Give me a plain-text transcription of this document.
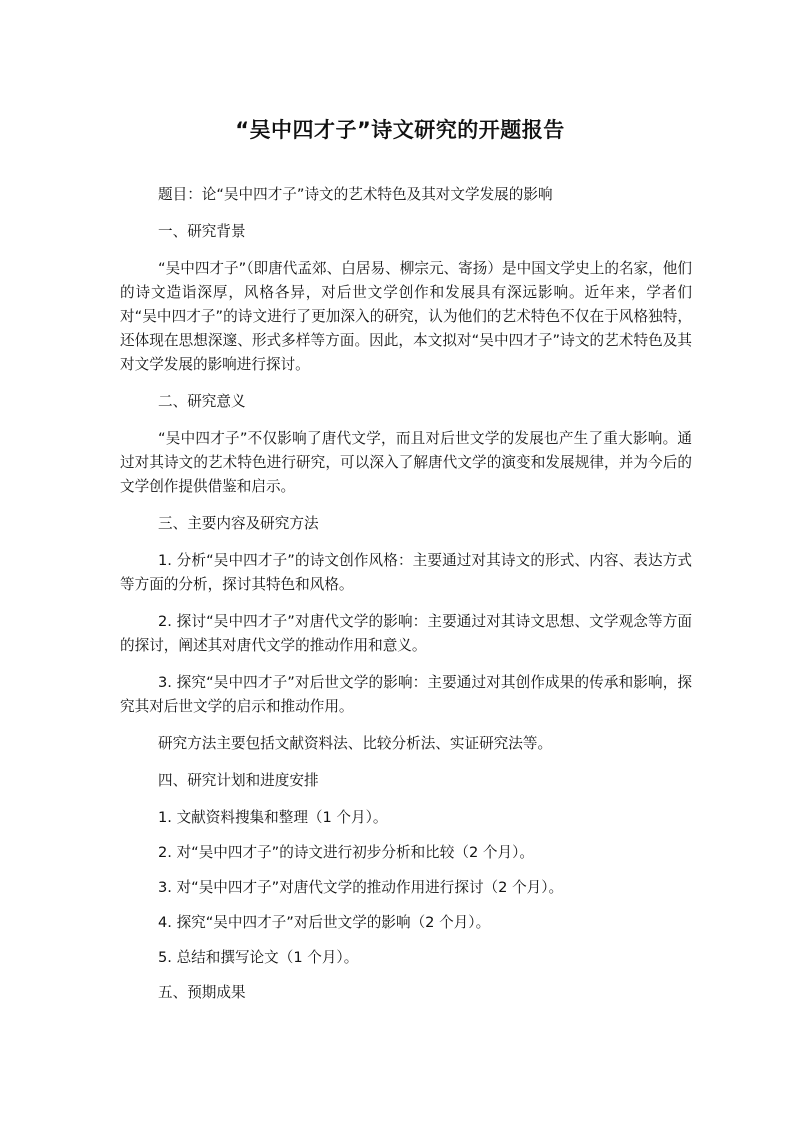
“吴中四才子”诗文研究的开题报告

题目：论“吴中四才子”诗文的艺术特色及其对文学发展的影响

一、研究背景

“吴中四才子”（即唐代孟郊、白居易、柳宗元、寄扬）是中国文学史上的名家，他们的诗文造诣深厚，风格各异，对后世文学创作和发展具有深远影响。近年来，学者们对“吴中四才子”的诗文进行了更加深入的研究，认为他们的艺术特色不仅在于风格独特，还体现在思想深邃、形式多样等方面。因此，本文拟对“吴中四才子”诗文的艺术特色及其对文学发展的影响进行探讨。

二、研究意义

“吴中四才子”不仅影响了唐代文学，而且对后世文学的发展也产生了重大影响。通过对其诗文的艺术特色进行研究，可以深入了解唐代文学的演变和发展规律，并为今后的文学创作提供借鉴和启示。

三、主要内容及研究方法

1. 分析“吴中四才子”的诗文创作风格：主要通过对其诗文的形式、内容、表达方式等方面的分析，探讨其特色和风格。

2. 探讨“吴中四才子”对唐代文学的影响：主要通过对其诗文思想、文学观念等方面的探讨，阐述其对唐代文学的推动作用和意义。

3. 探究“吴中四才子”对后世文学的影响：主要通过对其创作成果的传承和影响，探究其对后世文学的启示和推动作用。

研究方法主要包括文献资料法、比较分析法、实证研究法等。

四、研究计划和进度安排

1. 文献资料搜集和整理（1 个月）。

2. 对“吴中四才子”的诗文进行初步分析和比较（2 个月）。

3. 对“吴中四才子”对唐代文学的推动作用进行探讨（2 个月）。

4. 探究“吴中四才子”对后世文学的影响（2 个月）。

5. 总结和撰写论文（1 个月）。

五、预期成果
